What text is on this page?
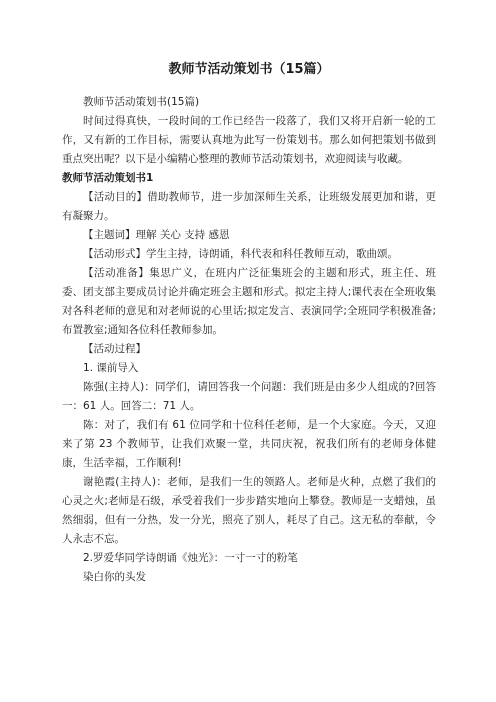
教师节活动策划书（15篇）

教师节活动策划书(15篇)

时间过得真快，一段时间的工作已经告一段落了，我们又将开启新一轮的工作，又有新的工作目标，需要认真地为此写一份策划书。那么如何把策划书做到重点突出呢？以下是小编精心整理的教师节活动策划书，欢迎阅读与收藏。

教师节活动策划书1

【活动目的】借助教师节，进一步加深师生关系，让班级发展更加和谐，更有凝聚力。

【主题词】理解 关心 支持 感恩

【活动形式】学生主持，诗朗诵，科代表和科任教师互动，歌曲颂。

【活动准备】集思广义，在班内广泛征集班会的主题和形式，班主任、班委、团支部主要成员讨论并确定班会主题和形式。拟定主持人;课代表在全班收集对各科老师的意见和对老师说的心里话;拟定发言、表演同学;全班同学积极准备;布置教室;通知各位科任教师参加。

【活动过程】

1. 课前导入

陈强(主持人)：同学们，请回答我一个问题：我们班是由多少人组成的?回答一：61 人。回答二：71 人。

陈：对了，我们有 61 位同学和十位科任老师，是一个大家庭。今天，又迎来了第 23 个教师节，让我们欢聚一堂，共同庆祝，祝我们所有的老师身体健康，生活幸福，工作顺利!

谢艳霞(主持人)：老师，是我们一生的领路人。老师是火种，点燃了我们的心灵之火;老师是石级，承受着我们一步步踏实地向上攀登。教师是一支蜡烛，虽然细弱，但有一分热，发一分光，照亮了别人，耗尽了自己。这无私的奉献，令人永志不忘。

2.罗爱华同学诗朗诵《烛光》：一寸一寸的粉笔

染白你的头发
